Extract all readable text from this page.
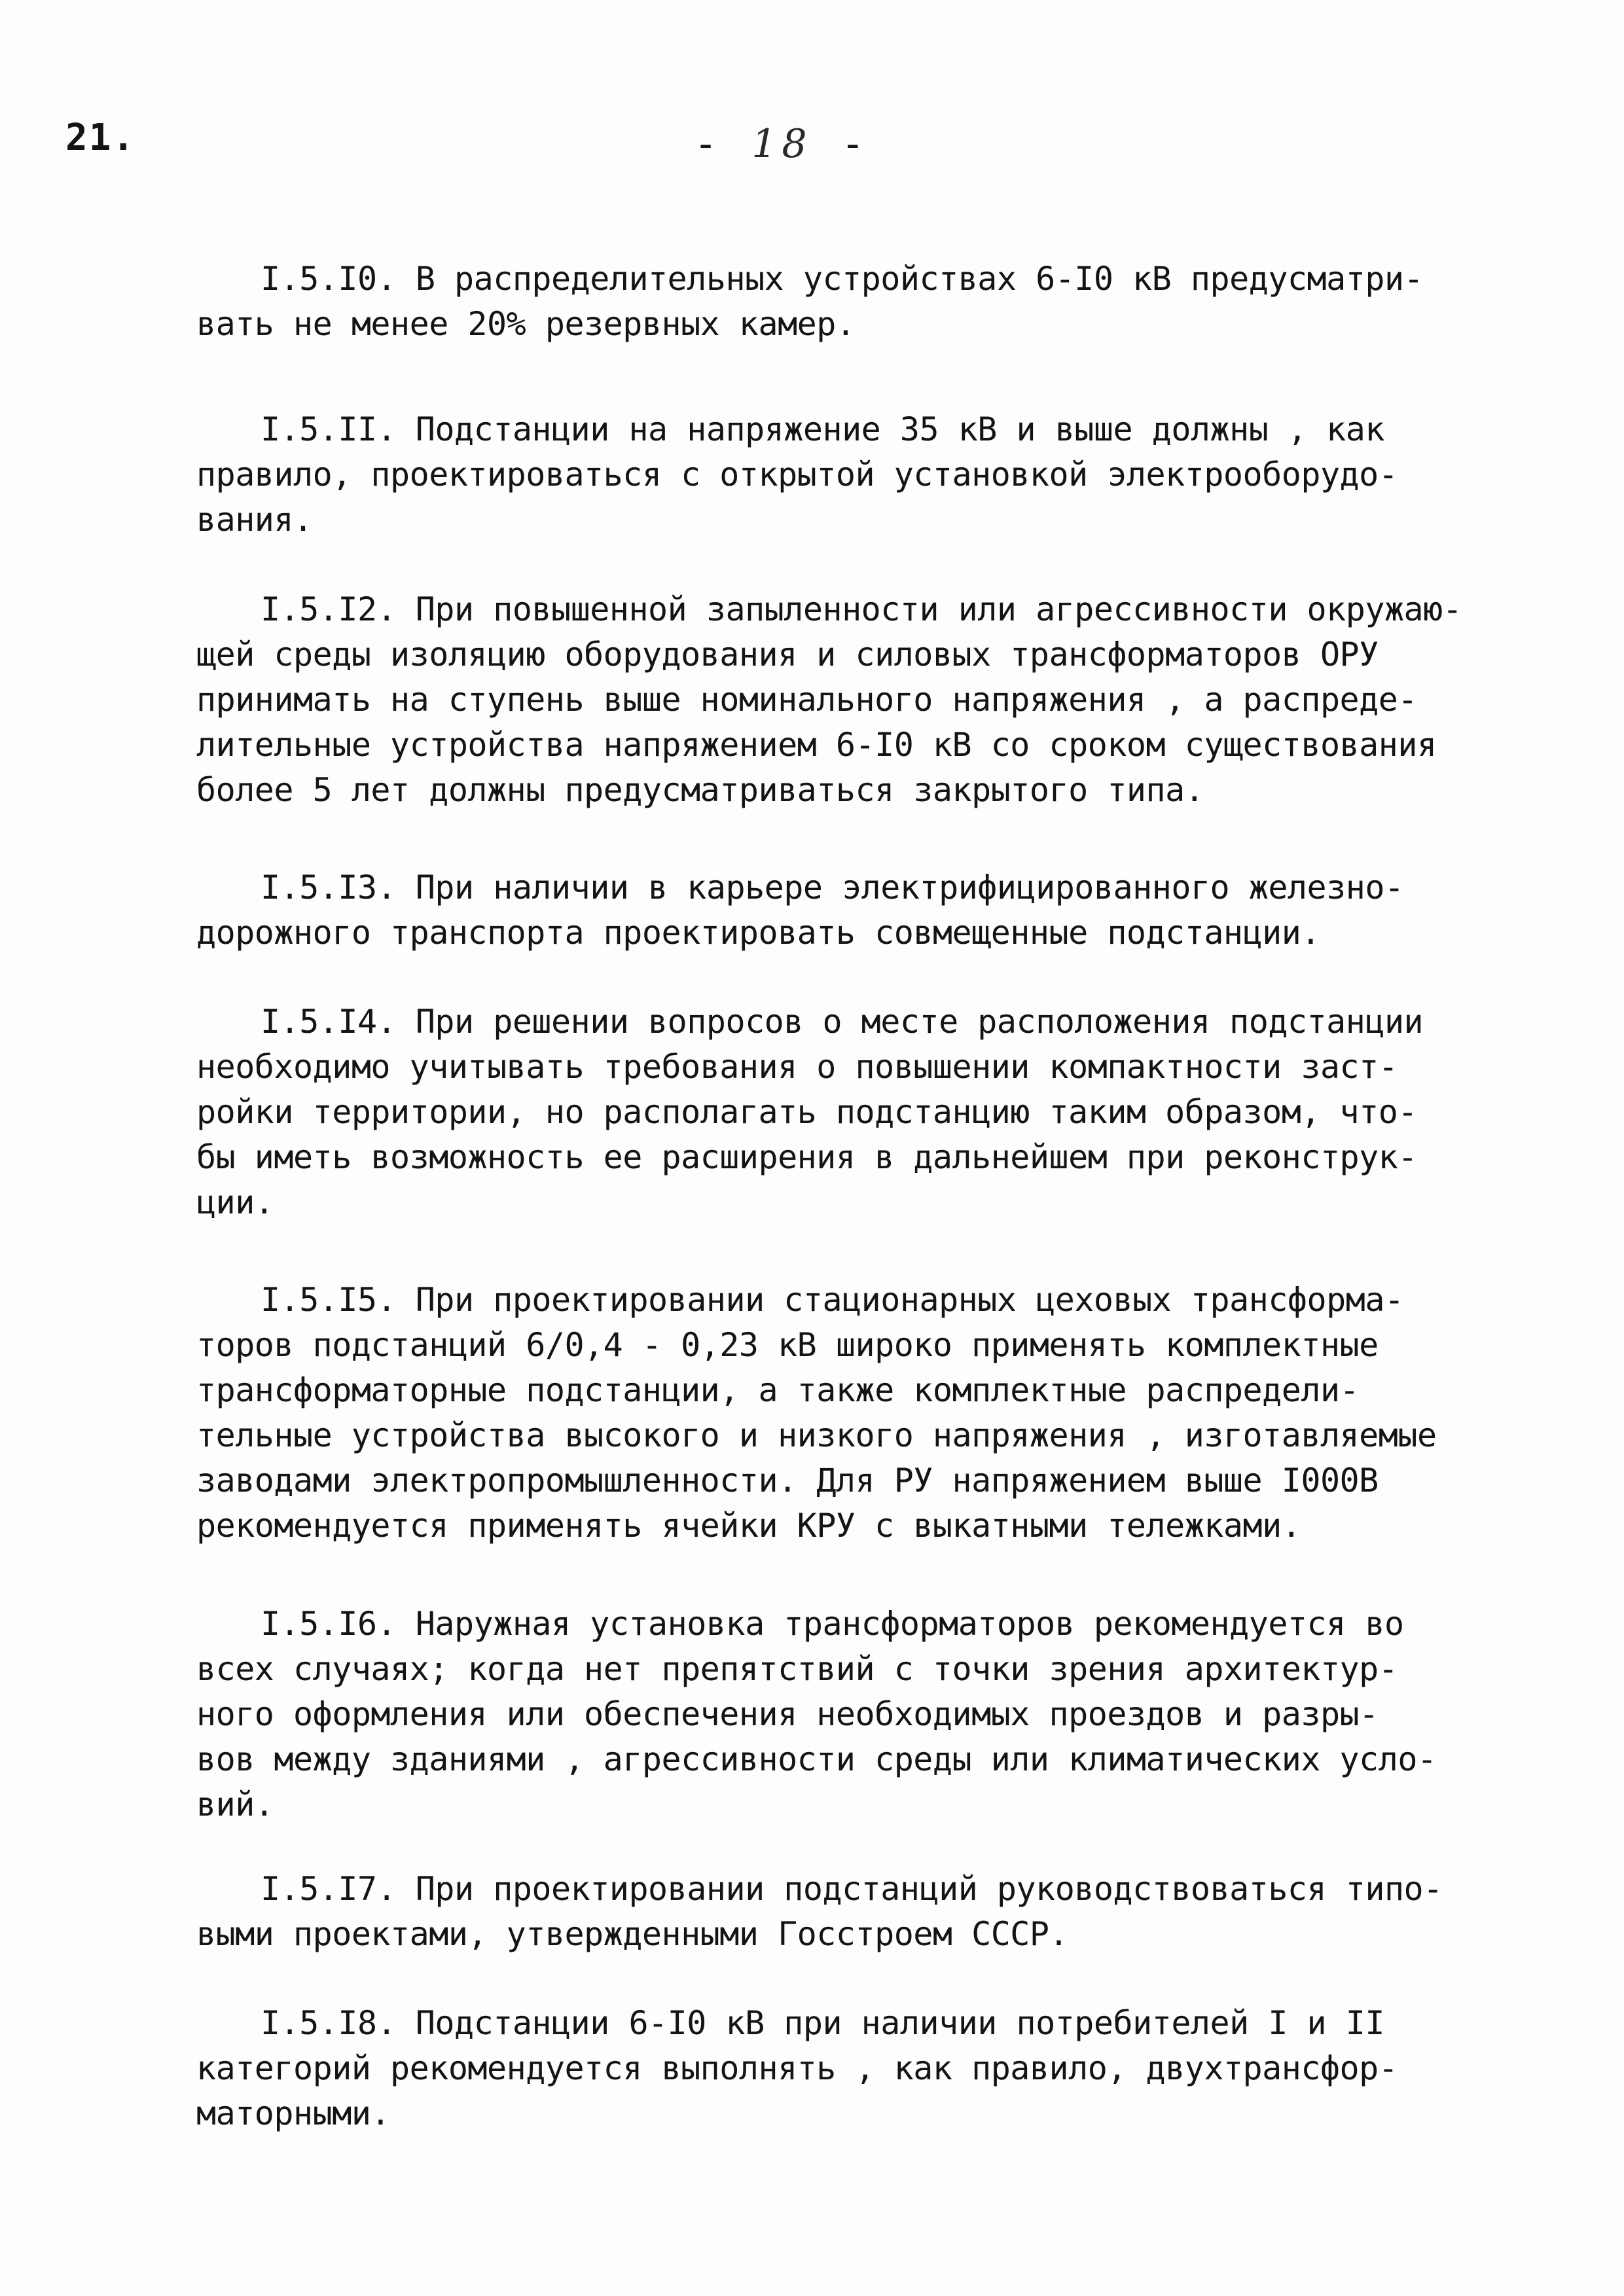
21.	- 18 -

I.5.I0. В распределительных устройствах 6-I0 кВ предусматри-
вать не менее 20% резервных камер.

I.5.II. Подстанции на напряжение 35 кВ и выше должны , как
правило, проектироваться с открытой установкой электрооборудо-
вания.

I.5.I2. При повышенной запыленности или агрессивности окружаю-
щей среды изоляцию оборудования и силовых трансформаторов ОРУ
принимать на ступень выше номинального напряжения , а распреде-
лительные устройства напряжением 6-I0 кВ со сроком существования
более 5 лет должны предусматриваться закрытого типа.

I.5.I3. При наличии в карьере электрифицированного железно-
дорожного транспорта проектировать совмещенные подстанции.

I.5.I4. При решении вопросов о месте расположения подстанции
необходимо учитывать требования о повышении компактности заст-
ройки территории, но располагать подстанцию таким образом, что-
бы иметь возможность ее расширения в дальнейшем при реконструк-
ции.

I.5.I5. При проектировании стационарных цеховых трансформа-
торов подстанций 6/0,4 - 0,23 кВ широко применять комплектные
трансформаторные подстанции, а также комплектные распредели-
тельные устройства высокого и низкого напряжения , изготавляемые
заводами электропромышленности. Для РУ напряжением выше I000В
рекомендуется применять ячейки КРУ с выкатными тележками.

I.5.I6. Наружная установка трансформаторов рекомендуется во
всех случаях; когда нет препятствий с точки зрения архитектур-
ного оформления или обеспечения необходимых проездов и разры-
вов между зданиями , агрессивности среды или климатических усло-
вий.

I.5.I7. При проектировании подстанций руководствоваться типо-
выми проектами, утвержденными Госстроем СССР.

I.5.I8. Подстанции 6-I0 кВ при наличии потребителей I и II
категорий рекомендуется выполнять , как правило, двухтрансфор-
маторными.
